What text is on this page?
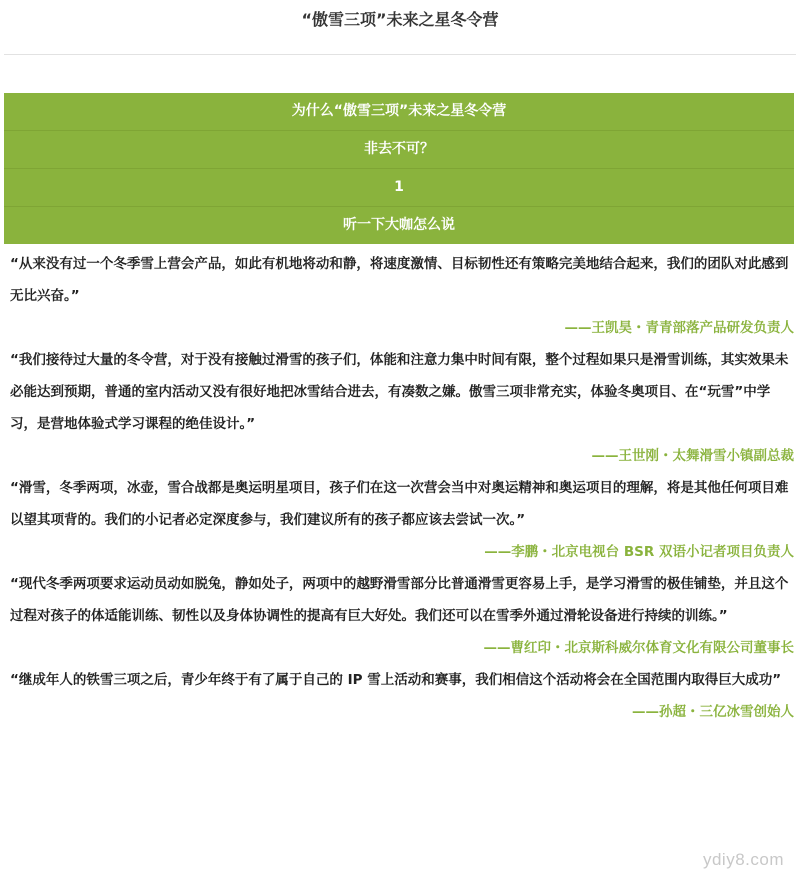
“傲雪三项”未来之星冬令营
为什么“傲雪三项”未来之星冬令营
非去不可？
1
听一下大咖怎么说

“从来没有过一个冬季雪上营会产品，如此有机地将动和静，将速度激情、目标韧性还有策略完美地结合起来，我们的团队对此感到无比兴奋。”

——王凯昊・青青部落产品研发负责人

“我们接待过大量的冬令营，对于没有接触过滑雪的孩子们，体能和注意力集中时间有限，整个过程如果只是滑雪训练，其实效果未必能达到预期，普通的室内活动又没有很好地把冰雪结合进去，有凑数之嫌。傲雪三项非常充实，体验冬奥项目、在“玩雪”中学习，是营地体验式学习课程的绝佳设计。”

——王世刚・太舞滑雪小镇副总裁

“滑雪，冬季两项，冰壶，雪合战都是奥运明星项目，孩子们在这一次营会当中对奥运精神和奥运项目的理解，将是其他任何项目难以望其项背的。我们的小记者必定深度参与，我们建议所有的孩子都应该去尝试一次。”

——李鹏・北京电视台 BSR 双语小记者项目负责人

“现代冬季两项要求运动员动如脱兔，静如处子，两项中的越野滑雪部分比普通滑雪更容易上手，是学习滑雪的极佳铺垫，并且这个过程对孩子的体适能训练、韧性以及身体协调性的提高有巨大好处。我们还可以在雪季外通过滑轮设备进行持续的训练。”

——曹红印・北京斯科威尔体育文化有限公司董事长

“继成年人的铁雪三项之后，青少年终于有了属于自己的 IP 雪上活动和赛事，我们相信这个活动将会在全国范围内取得巨大成功”

——孙超・三亿冰雪创始人

ydiy8.com
